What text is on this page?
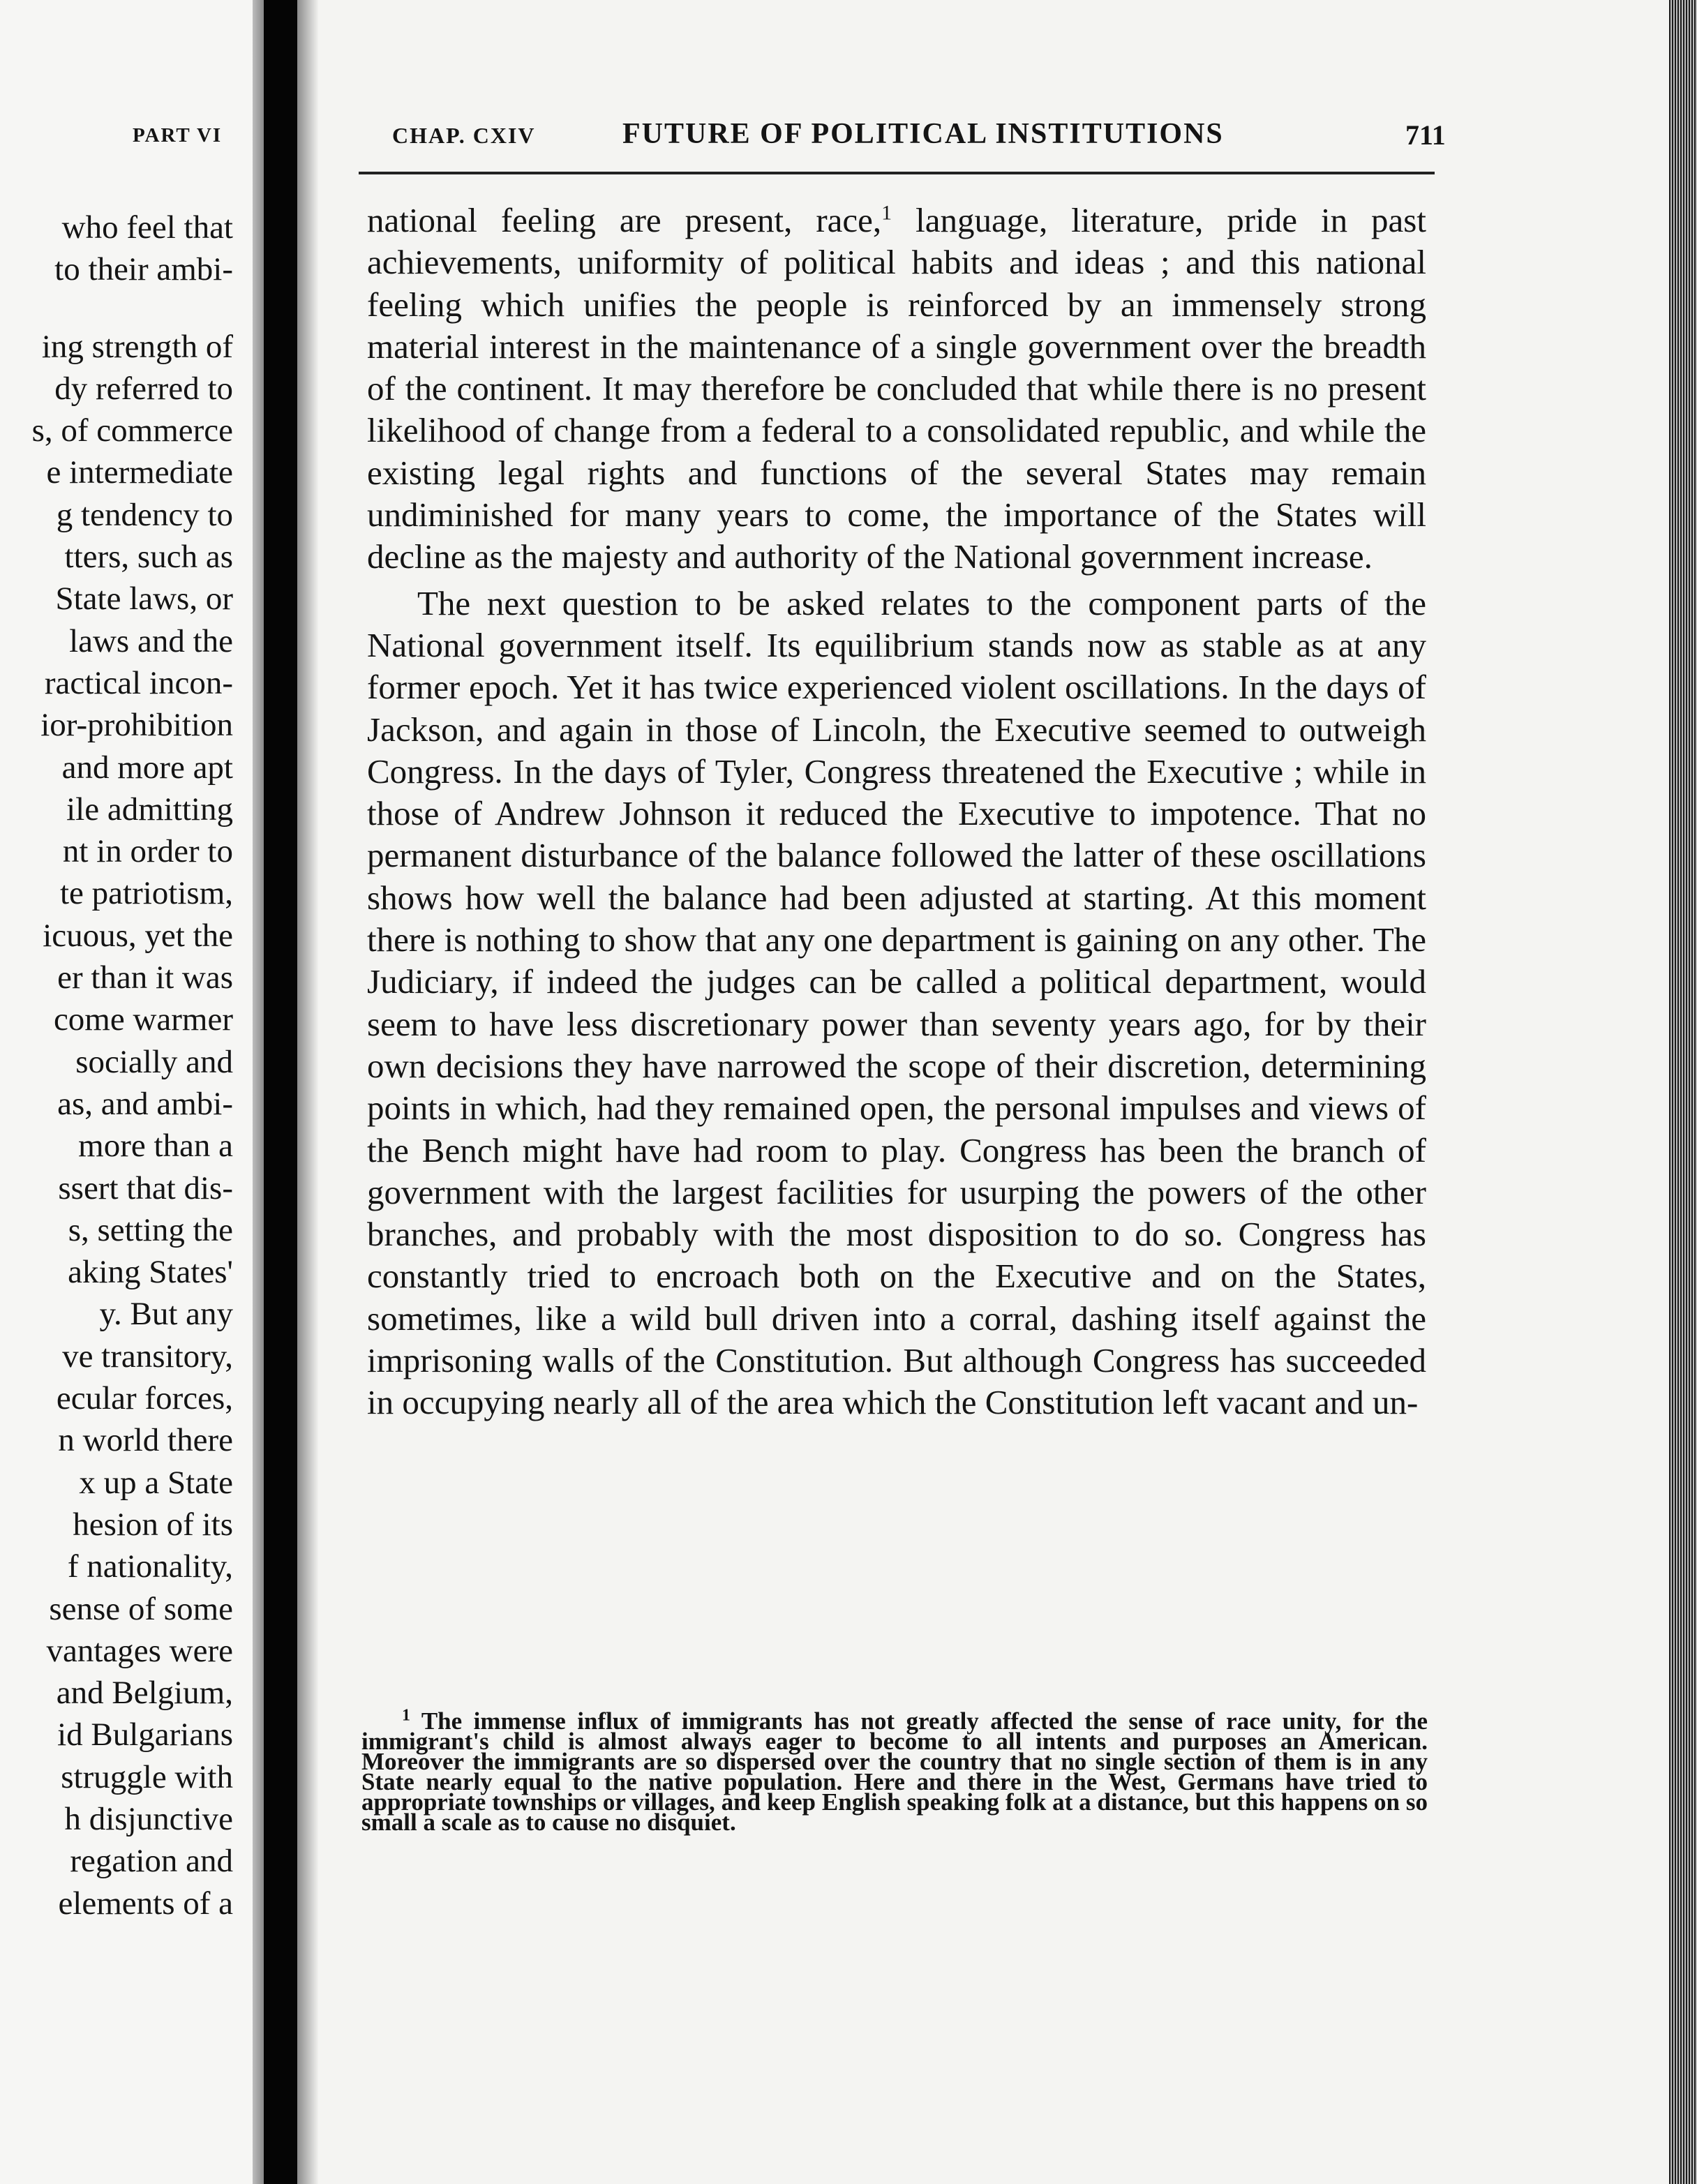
PART VI
who feel that
to their ambi-
ing strength of
dy referred to
s, of commerce
e intermediate
g tendency to
tters, such as
State laws, or
laws and the
ractical incon-
ior-prohibition
and more apt
ile admitting
nt in order to
te patriotism,
icuous, yet the
er than it was
come warmer
socially and
as, and ambi-
more than a
ssert that dis-
s, setting the
aking States'
y. But any
ve transitory,
ecular forces,
n world there
x up a State
hesion of its
f nationality,
sense of some
vantages were
and Belgium,
id Bulgarians
struggle with
h disjunctive
regation and
elements of a
CHAP. CXIV	FUTURE OF POLITICAL INSTITUTIONS	711

national feeling are present, race,$^1$ language, literature, pride in past achievements, uniformity of political habits and ideas ; and this national feeling which unifies the people is reinforced by an immensely strong material interest in the maintenance of a single government over the breadth of the continent. It may therefore be concluded that while there is no present likelihood of change from a federal to a consolidated republic, and while the existing legal rights and functions of the several States may remain undiminished for many years to come, the importance of the States will decline as the majesty and authority of the National government increase.

The next question to be asked relates to the component parts of the National government itself. Its equilibrium stands now as stable as at any former epoch. Yet it has twice experienced violent oscillations. In the days of Jackson, and again in those of Lincoln, the Executive seemed to outweigh Congress. In the days of Tyler, Congress threatened the Executive ; while in those of Andrew Johnson it reduced the Executive to impotence. That no permanent disturbance of the balance followed the latter of these oscillations shows how well the balance had been adjusted at starting. At this moment there is nothing to show that any one department is gaining on any other. The Judiciary, if indeed the judges can be called a political department, would seem to have less discretionary power than seventy years ago, for by their own decisions they have narrowed the scope of their discretion, determining points in which, had they remained open, the personal impulses and views of the Bench might have had room to play. Congress has been the branch of government with the largest facilities for usurping the powers of the other branches, and probably with the most disposition to do so. Congress has constantly tried to encroach both on the Executive and on the States, sometimes, like a wild bull driven into a corral, dashing itself against the imprisoning walls of the Constitution. But although Congress has succeeded in occupying nearly all of the area which the Constitution left vacant and un-

$^1$ The immense influx of immigrants has not greatly affected the sense of race unity, for the immigrant's child is almost always eager to become to all intents and purposes an American. Moreover the immigrants are so dispersed over the country that no single section of them is in any State nearly equal to the native population. Here and there in the West, Germans have tried to appropriate townships or villages, and keep English speaking folk at a distance, but this happens on so small a scale as to cause no disquiet.
